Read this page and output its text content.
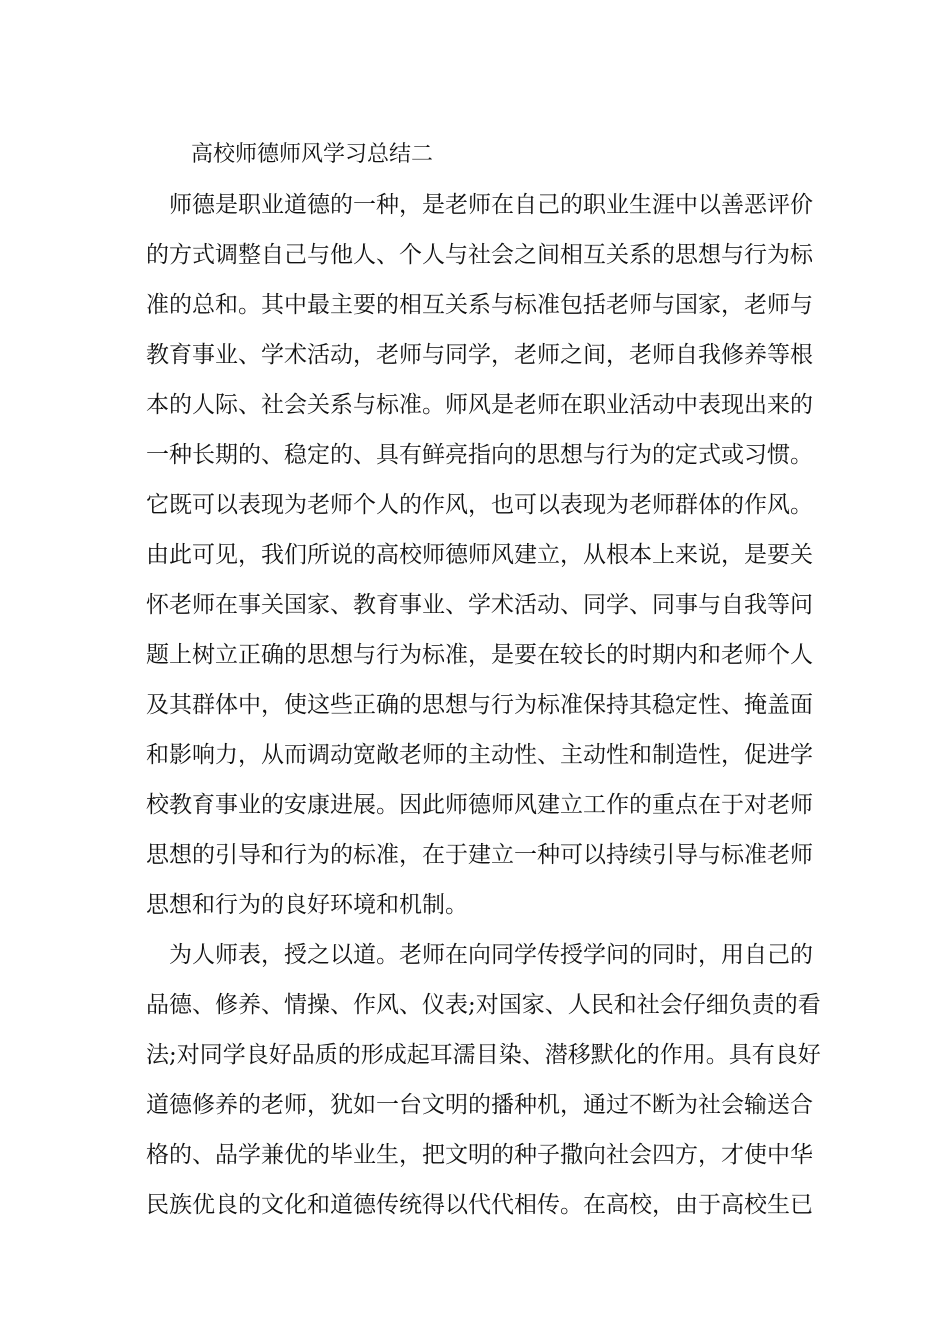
高校师德师风学习总结二
　师德是职业道德的一种，是老师在自己的职业生涯中以善恶评价
的方式调整自己与他人、个人与社会之间相互关系的思想与行为标
准的总和。其中最主要的相互关系与标准包括老师与国家，老师与
教育事业、学术活动，老师与同学，老师之间，老师自我修养等根
本的人际、社会关系与标准。师风是老师在职业活动中表现出来的
一种长期的、稳定的、具有鲜亮指向的思想与行为的定式或习惯。
它既可以表现为老师个人的作风，也可以表现为老师群体的作风。
由此可见，我们所说的高校师德师风建立，从根本上来说，是要关
怀老师在事关国家、教育事业、学术活动、同学、同事与自我等问
题上树立正确的思想与行为标准，是要在较长的时期内和老师个人
及其群体中，使这些正确的思想与行为标准保持其稳定性、掩盖面
和影响力，从而调动宽敞老师的主动性、主动性和制造性，促进学
校教育事业的安康进展。因此师德师风建立工作的重点在于对老师
思想的引导和行为的标准，在于建立一种可以持续引导与标准老师
思想和行为的良好环境和机制。
　为人师表，授之以道。老师在向同学传授学问的同时，用自己的
品德、修养、情操、作风、仪表;对国家、人民和社会仔细负责的看
法;对同学良好品质的形成起耳濡目染、潜移默化的作用。具有良好
道德修养的老师，犹如一台文明的播种机，通过不断为社会输送合
格的、品学兼优的毕业生，把文明的种子撒向社会四方，才使中华
民族优良的文化和道德传统得以代代相传。在高校，由于高校生已
